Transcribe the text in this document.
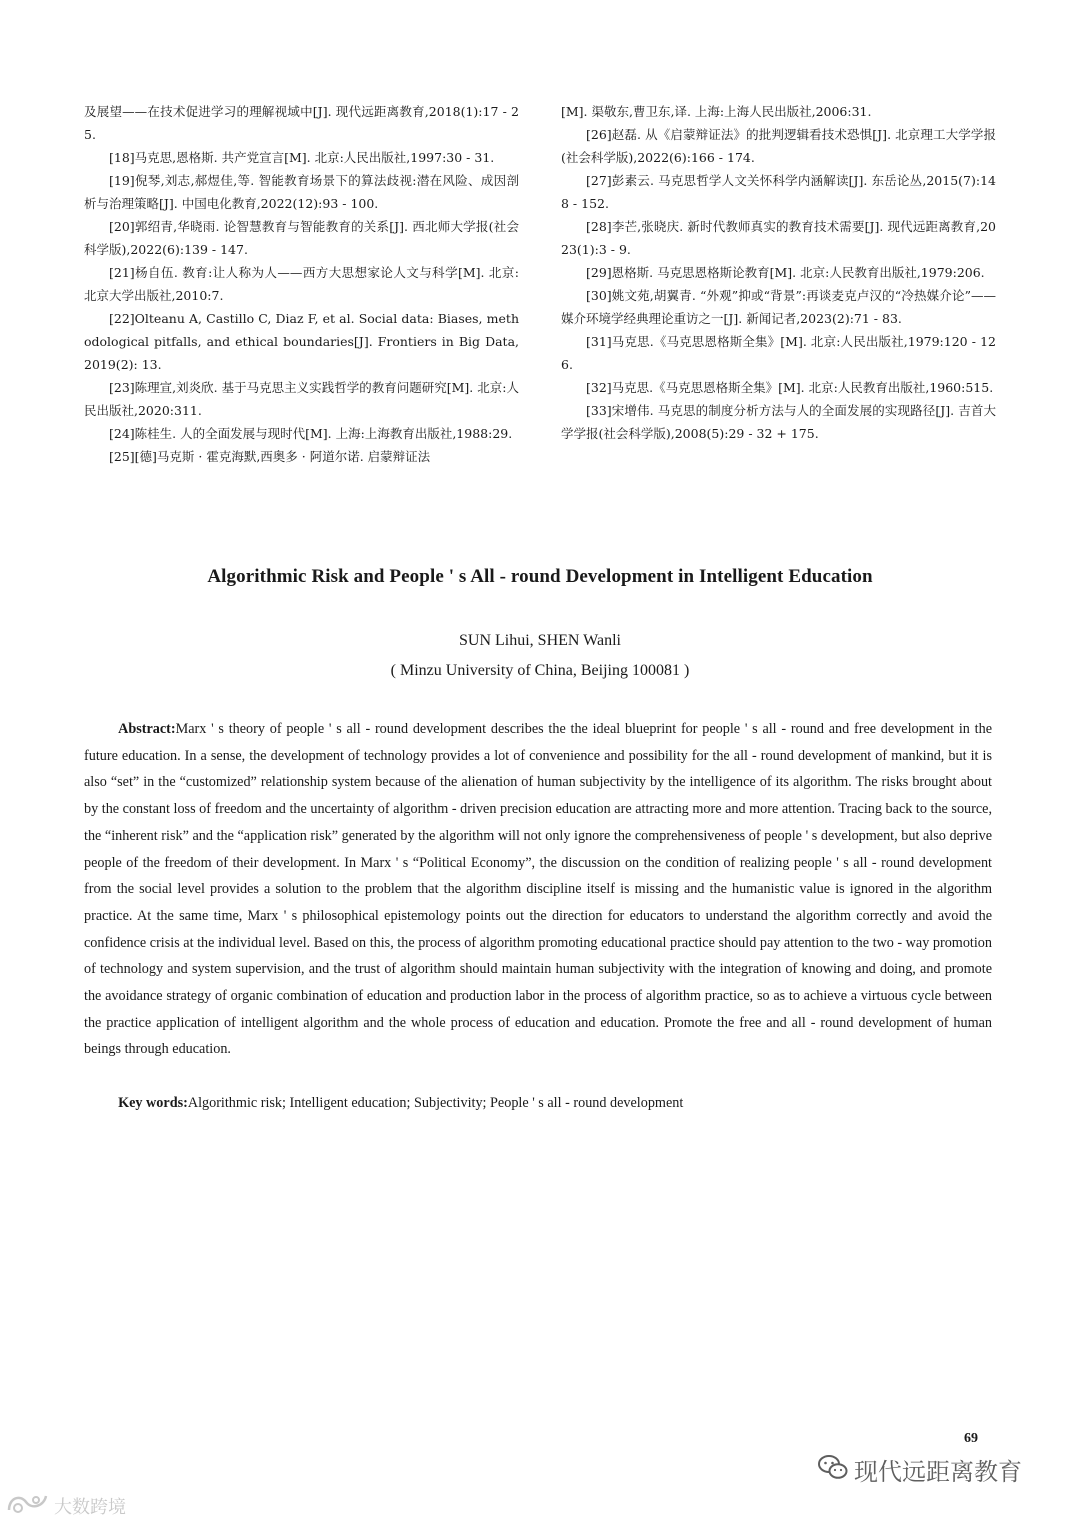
及展望——在技术促进学习的理解视域中[J]. 现代远距离教育,2018(1):17 - 25.

[18]马克思,恩格斯. 共产党宣言[M]. 北京:人民出版社,1997:30 - 31.

[19]倪琴,刘志,郝煜佳,等. 智能教育场景下的算法歧视:潜在风险、成因剖析与治理策略[J]. 中国电化教育,2022(12):93 - 100.

[20]郭绍青,华晓雨. 论智慧教育与智能教育的关系[J]. 西北师大学报(社会科学版),2022(6):139 - 147.

[21]杨自伍. 教育:让人称为人——西方大思想家论人文与科学[M]. 北京:北京大学出版社,2010:7.

[22]Olteanu A, Castillo C, Diaz F, et al. Social data: Biases, methodological pitfalls, and ethical boundaries[J]. Frontiers in Big Data, 2019(2): 13.

[23]陈理宣,刘炎欣. 基于马克思主义实践哲学的教育问题研究[M]. 北京:人民出版社,2020:311.

[24]陈桂生. 人的全面发展与现时代[M]. 上海:上海教育出版社,1988:29.

[25][德]马克斯 · 霍克海默,西奥多 · 阿道尔诺. 启蒙辩证法

[M]. 渠敬东,曹卫东,译. 上海:上海人民出版社,2006:31.

[26]赵磊. 从《启蒙辩证法》的批判逻辑看技术恐惧[J]. 北京理工大学学报(社会科学版),2022(6):166 - 174.

[27]彭素云. 马克思哲学人文关怀科学内涵解读[J]. 东岳论丛,2015(7):148 - 152.

[28]李芒,张晓庆. 新时代教师真实的教育技术需要[J]. 现代远距离教育,2023(1):3 - 9.

[29]恩格斯. 马克思恩格斯论教育[M]. 北京:人民教育出版社,1979:206.

[30]姚文苑,胡翼青. “外观”抑或“背景”:再谈麦克卢汉的“冷热媒介论”——媒介环境学经典理论重访之一[J]. 新闻记者,2023(2):71 - 83.

[31]马克思.《马克思恩格斯全集》[M]. 北京:人民出版社,1979:120 - 126.

[32]马克思.《马克思恩格斯全集》[M]. 北京:人民教育出版社,1960:515.

[33]宋增伟. 马克思的制度分析方法与人的全面发展的实现路径[J]. 吉首大学学报(社会科学版),2008(5):29 - 32 + 175.

Algorithmic Risk and People ' s All - round Development in Intelligent Education
SUN Lihui, SHEN Wanli
( Minzu University of China, Beijing 100081 )

Abstract:Marx ' s theory of people ' s all - round development describes the the ideal blueprint for people ' s all - round and free development in the future education. In a sense, the development of technology provides a lot of convenience and possibility for the all - round development of mankind, but it is also “set” in the “customized” relationship system because of the alienation of human subjectivity by the intelligence of its algorithm. The risks brought about by the constant loss of freedom and the uncertainty of algorithm - driven precision education are attracting more and more attention. Tracing back to the source, the “inherent risk” and the “application risk” generated by the algorithm will not only ignore the comprehensiveness of people ' s development, but also deprive people of the freedom of their development. In Marx ' s “Political Economy”, the discussion on the condition of realizing people ' s all - round development from the social level provides a solution to the problem that the algorithm discipline itself is missing and the humanistic value is ignored in the algorithm practice. At the same time, Marx ' s philosophical epistemology points out the direction for educators to understand the algorithm correctly and avoid the confidence crisis at the individual level. Based on this, the process of algorithm promoting educational practice should pay attention to the two - way promotion of technology and system supervision, and the trust of algorithm should maintain human subjectivity with the integration of knowing and doing, and promote the avoidance strategy of organic combination of education and production labor in the process of algorithm practice, so as to achieve a virtuous cycle between the practice application of intelligent algorithm and the whole process of education and education. Promote the free and all - round development of human beings through education.

Key words:Algorithmic risk; Intelligent education; Subjectivity; People ' s all - round development

69
现代远距离教育
大数跨境
